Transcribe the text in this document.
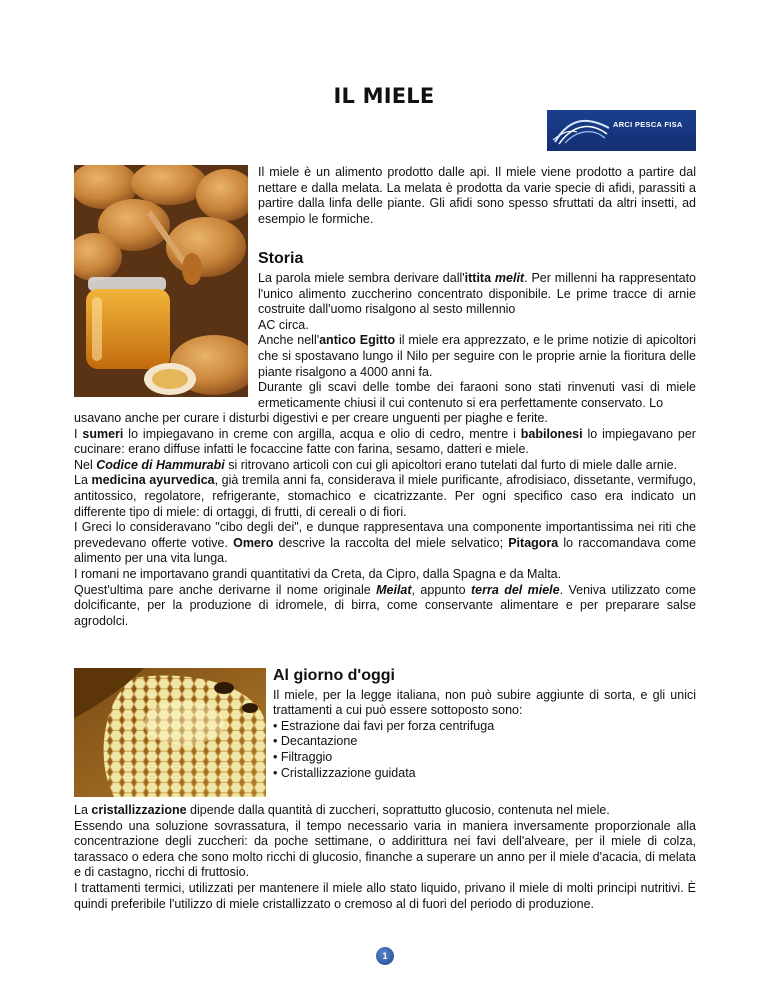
IL MIELE
ARCI PESCA FISA

Il miele è un alimento prodotto dalle api. Il miele viene prodotto a partire dal nettare e dalla melata. La melata è prodotta da varie specie di afidi, parassiti a partire dalla linfa delle piante. Gli afidi sono spesso sfruttati da altri insetti, ad esempio le formiche.

Storia

La parola miele sembra derivare dall'ittita melit. Per millenni ha rappresentato l'unico alimento zuccherino concentrato disponibile. Le prime tracce di arnie costruite dall'uomo risalgono al sesto millennio

AC circa.

Anche nell'antico Egitto il miele era apprezzato, e le prime notizie di apicoltori che si spostavano lungo il Nilo per seguire con le proprie arnie la fioritura delle piante risalgono a 4000 anni fa.

Durante gli scavi delle tombe dei faraoni sono stati rinvenuti vasi di miele ermeticamente chiusi il cui contenuto si era perfettamente conservato. Lo

usavano anche per curare i disturbi digestivi e per creare unguenti per piaghe e ferite.

I sumeri lo impiegavano in creme con argilla, acqua e olio di cedro, mentre i babilonesi lo impiegavano per cucinare: erano diffuse infatti le focaccine fatte con farina, sesamo, datteri e miele.

Nel Codice di Hammurabi si ritrovano articoli con cui gli apicoltori erano tutelati dal furto di miele dalle arnie.

La medicina ayurvedica, già tremila anni fa, considerava il miele purificante, afrodisiaco, dissetante, vermifugo, antitossico, regolatore, refrigerante, stomachico e cicatrizzante. Per ogni specifico caso era indicato un differente tipo di miele: di ortaggi, di frutti, di cereali o di fiori.

I Greci lo consideravano "cibo degli dei", e dunque rappresentava una componente importantissima nei riti che prevedevano offerte votive. Omero descrive la raccolta del miele selvatico; Pitagora lo raccomandava come alimento per una vita lunga.

I romani ne importavano grandi quantitativi da Creta, da Cipro, dalla Spagna e da Malta.

Quest'ultima pare anche derivarne il nome originale Meilat, appunto terra del miele. Veniva utilizzato come dolcificante, per la produzione di idromele, di birra, come conservante alimentare e per preparare salse agrodolci.

Al giorno d'oggi

Il miele, per la legge italiana, non può subire aggiunte di sorta, e gli unici trattamenti a cui può essere sottoposto sono:

• Estrazione dai favi per forza centrifuga

• Decantazione

• Filtraggio

• Cristallizzazione guidata

La cristallizzazione dipende dalla quantità di zuccheri, soprattutto glucosio, contenuta nel miele.

Essendo una soluzione sovrassatura, il tempo necessario varia in maniera inversamente proporzionale alla concentrazione degli zuccheri: da poche settimane, o addirittura nei favi dell'alveare, per il miele di colza, tarassaco o edera che sono molto ricchi di glucosio, finanche a superare un anno per il miele d'acacia, di melata e di castagno, ricchi di fruttosio.

I trattamenti termici, utilizzati per mantenere il miele allo stato liquido, privano il miele di molti principi nutritivi. È quindi preferibile l'utilizzo di miele cristallizzato o cremoso al di fuori del periodo di produzione.

1
